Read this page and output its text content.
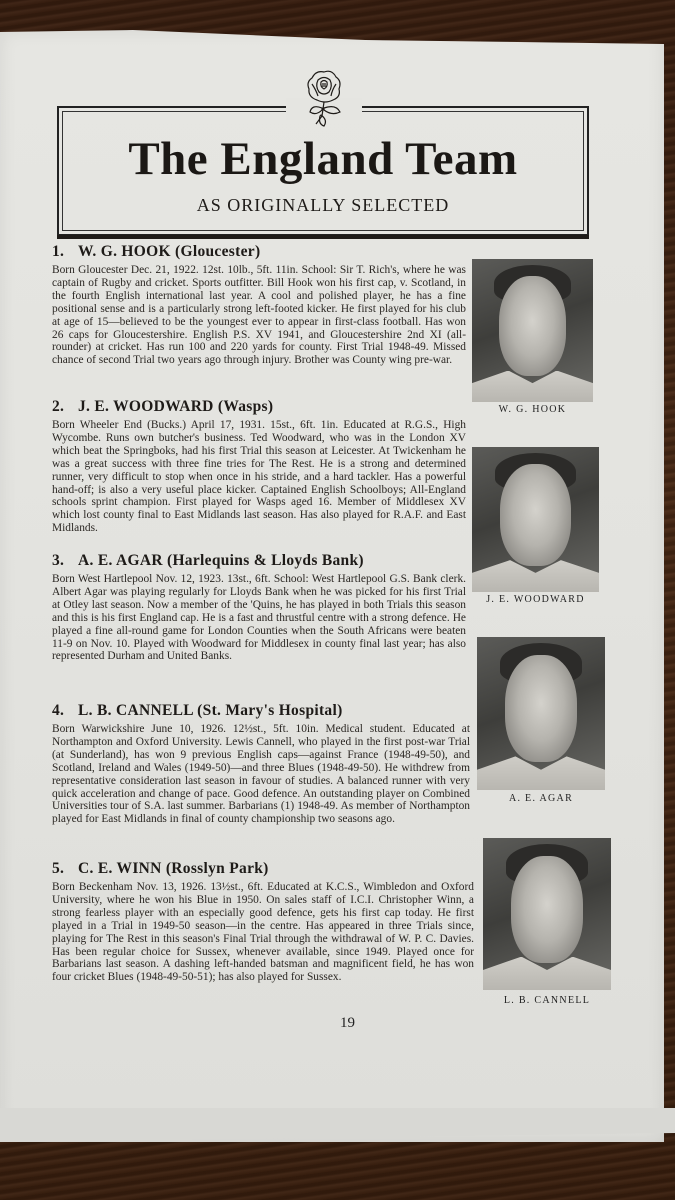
The England Team
AS ORIGINALLY SELECTED
1. W. G. HOOK (Gloucester)

Born Gloucester Dec. 21, 1922. 12st. 10lb., 5ft. 11in. School: Sir T. Rich's, where he was captain of Rugby and cricket. Sports outfitter. Bill Hook won his first cap, v. Scotland, in the fourth English international last year. A cool and polished player, he has a fine positional sense and is a particularly strong left-footed kicker. He first played for his club at age of 15—believed to be the youngest ever to appear in first-class football. Has won 26 caps for Gloucestershire. English P.S. XV 1941, and Gloucestershire 2nd XI (all-rounder) at cricket. Has run 100 and 220 yards for county. First Trial 1948-49. Missed chance of second Trial two years ago through injury. Brother was County wing pre-war.

2. J. E. WOODWARD (Wasps)

Born Wheeler End (Bucks.) April 17, 1931. 15st., 6ft. 1in. Educated at R.G.S., High Wycombe. Runs own butcher's business. Ted Woodward, who was in the London XV which beat the Springboks, had his first Trial this season at Leicester. At Twickenham he was a great success with three fine tries for The Rest. He is a strong and determined runner, very difficult to stop when once in his stride, and a hard tackler. Has a powerful hand-off; is also a very useful place kicker. Captained English Schoolboys; All-England schools sprint champion. First played for Wasps aged 16. Member of Middlesex XV which lost county final to East Midlands last season. Has also played for R.A.F. and East Midlands.

3. A. E. AGAR (Harlequins & Lloyds Bank)

Born West Hartlepool Nov. 12, 1923. 13st., 6ft. School: West Hartlepool G.S. Bank clerk. Albert Agar was playing regularly for Lloyds Bank when he was picked for his first Trial at Otley last season. Now a member of the 'Quins, he has played in both Trials this season and this is his first England cap. He is a fast and thrustful centre with a strong defence. He played a fine all-round game for London Counties when the South Africans were beaten 11-9 on Nov. 10. Played with Woodward for Middlesex in county final last year; has also represented Durham and United Banks.

4. L. B. CANNELL (St. Mary's Hospital)

Born Warwickshire June 10, 1926. 12½st., 5ft. 10in. Medical student. Educated at Northampton and Oxford University. Lewis Cannell, who played in the first post-war Trial (at Sunderland), has won 9 previous English caps—against France (1948-49-50), and Scotland, Ireland and Wales (1949-50)—and three Blues (1948-49-50). He withdrew from representative consideration last season in favour of studies. A balanced runner with very quick acceleration and change of pace. Good defence. An outstanding player on Combined Universities tour of S.A. last summer. Barbarians (1) 1948-49. As member of Northampton played for East Midlands in final of county championship two seasons ago.

5. C. E. WINN (Rosslyn Park)

Born Beckenham Nov. 13, 1926. 13½st., 6ft. Educated at K.C.S., Wimbledon and Oxford University, where he won his Blue in 1950. On sales staff of I.C.I. Christopher Winn, a strong fearless player with an especially good defence, gets his first cap today. He first played in a Trial in 1949-50 season—in the centre. Has appeared in three Trials since, playing for The Rest in this season's Final Trial through the withdrawal of W. P. C. Davies. Has been regular choice for Sussex, whenever available, since 1949. Played once for Barbarians last season. A dashing left-handed batsman and magnificent field, he has won four cricket Blues (1948-49-50-51); has also played for Sussex.

W. G. HOOK
J. E. WOODWARD
A. E. AGAR
L. B. CANNELL
19
